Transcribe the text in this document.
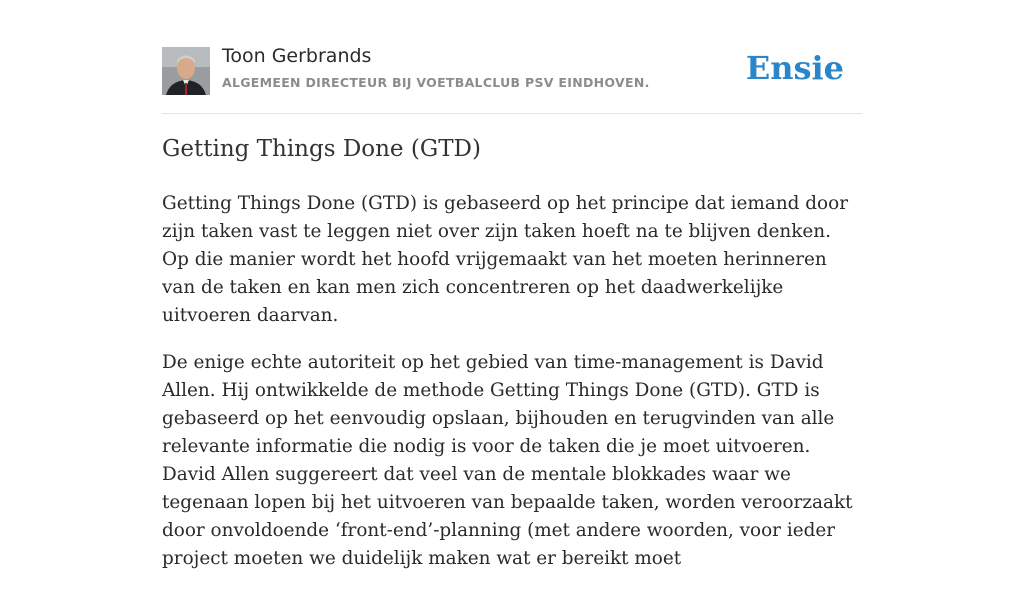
Toon Gerbrands
ALGEMEEN DIRECTEUR BIJ VOETBALCLUB PSV EINDHOVEN.	Ensie
Getting Things Done (GTD)

Getting Things Done (GTD) is gebaseerd op het principe dat iemand door zijn taken vast te leggen niet over zijn taken hoeft na te blijven denken. Op die manier wordt het hoofd vrijgemaakt van het moeten herinneren van de taken en kan men zich concentreren op het daadwerkelijke uitvoeren daarvan.

De enige echte autoriteit op het gebied van time-management is David Allen. Hij ontwikkelde de methode Getting Things Done (GTD). GTD is gebaseerd op het eenvoudig opslaan, bijhouden en terugvinden van alle relevante informatie die nodig is voor de taken die je moet uitvoeren. David Allen suggereert dat veel van de mentale blokkades waar we tegenaan lopen bij het uitvoeren van bepaalde taken, worden veroorzaakt door onvoldoende ‘front-end’-planning (met andere woorden, voor ieder project moeten we duidelijk maken wat er bereikt moet
